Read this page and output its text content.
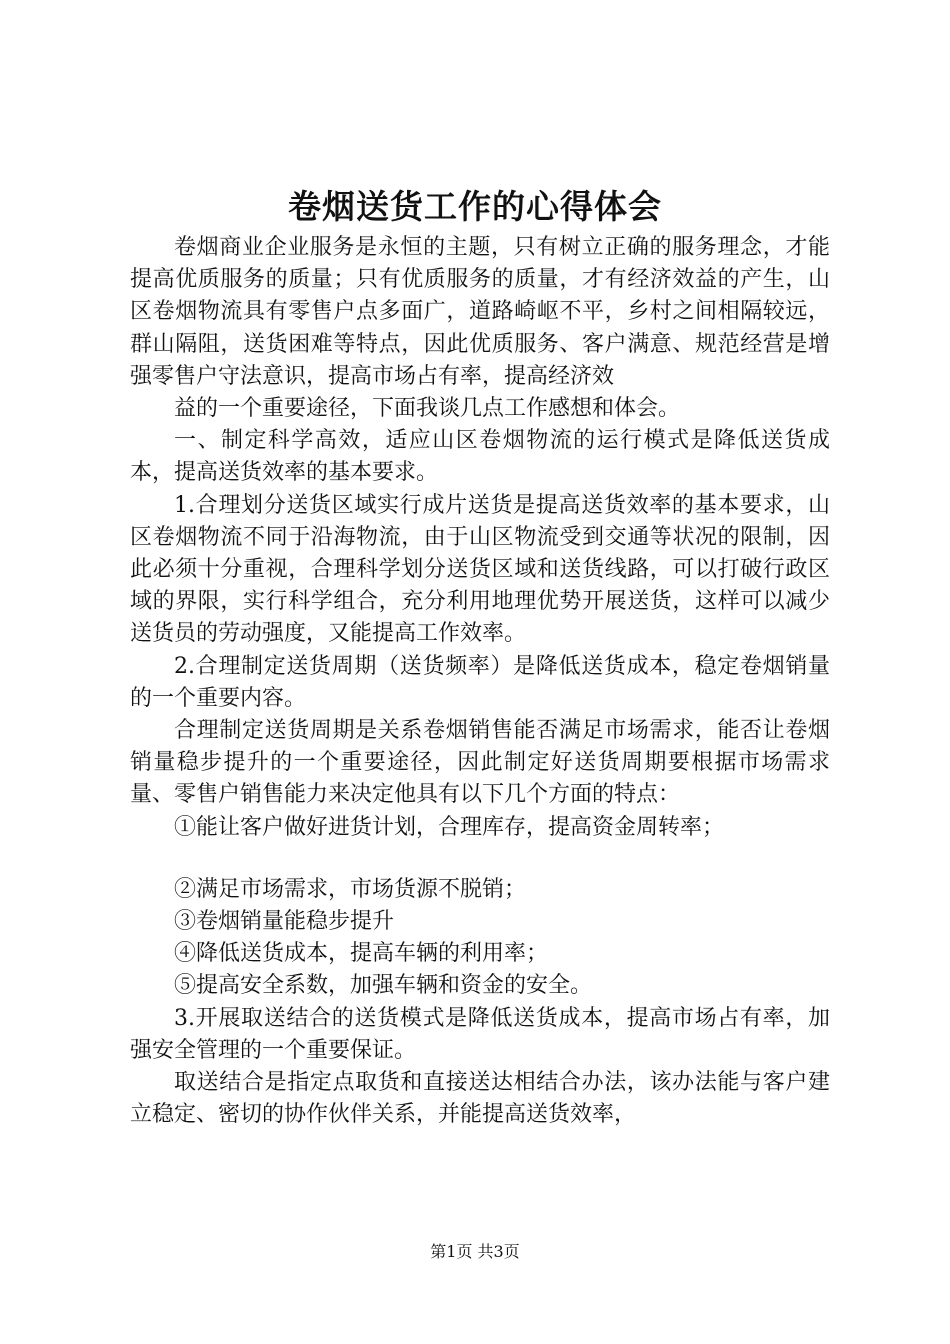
卷烟送货工作的心得体会

卷烟商业企业服务是永恒的主题，只有树立正确的服务理念，才能提高优质服务的质量；只有优质服务的质量，才有经济效益的产生，山区卷烟物流具有零售户点多面广，道路崎岖不平，乡村之间相隔较远，群山隔阻，送货困难等特点，因此优质服务、客户满意、规范经营是增强零售户守法意识，提高市场占有率，提高经济效

益的一个重要途径，下面我谈几点工作感想和体会。

一、制定科学高效，适应山区卷烟物流的运行模式是降低送货成本，提高送货效率的基本要求。

1.合理划分送货区域实行成片送货是提高送货效率的基本要求，山区卷烟物流不同于沿海物流，由于山区物流受到交通等状况的限制，因此必须十分重视，合理科学划分送货区域和送货线路，可以打破行政区域的界限，实行科学组合，充分利用地理优势开展送货，这样可以减少送货员的劳动强度，又能提高工作效率。

2.合理制定送货周期（送货频率）是降低送货成本，稳定卷烟销量的一个重要内容。

合理制定送货周期是关系卷烟销售能否满足市场需求，能否让卷烟销量稳步提升的一个重要途径，因此制定好送货周期要根据市场需求量、零售户销售能力来决定他具有以下几个方面的特点：

①能让客户做好进货计划，合理库存，提高资金周转率；

②满足市场需求，市场货源不脱销；

③卷烟销量能稳步提升

④降低送货成本，提高车辆的利用率；

⑤提高安全系数，加强车辆和资金的安全。

3.开展取送结合的送货模式是降低送货成本，提高市场占有率，加强安全管理的一个重要保证。

取送结合是指定点取货和直接送达相结合办法，该办法能与客户建立稳定、密切的协作伙伴关系，并能提高送货效率，

第1页 共3页
